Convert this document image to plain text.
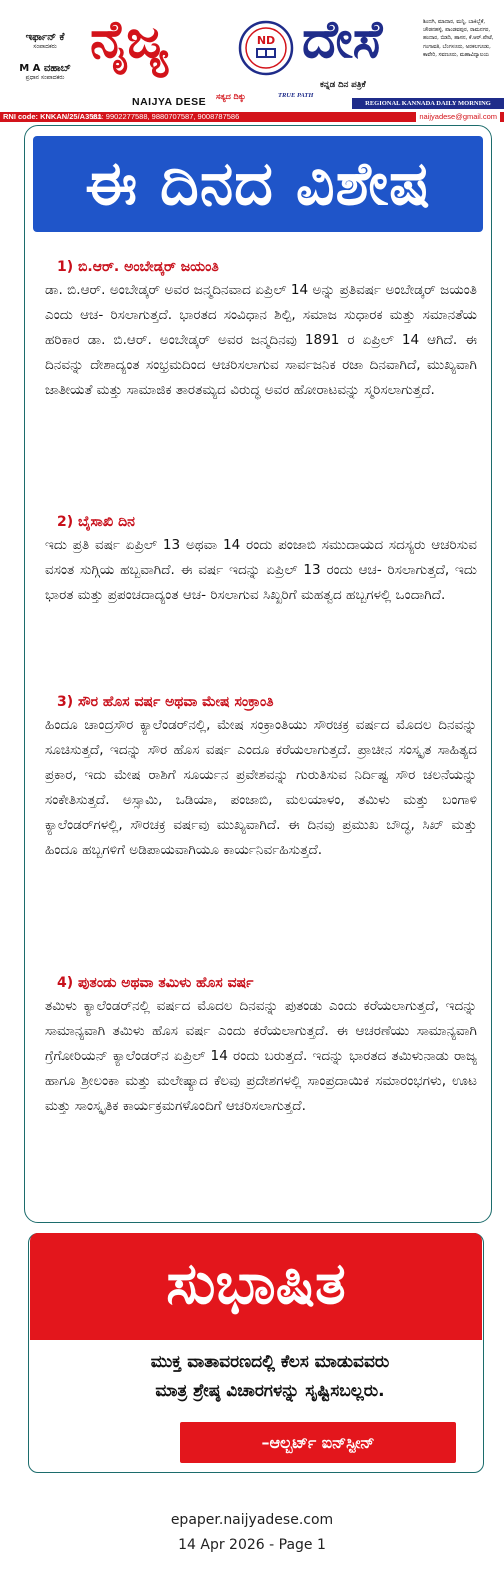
ಇರ್ಫಾನ್ ಕೆ
ಸಂಪಾದಕರು
M A ವಹಾಬ್
ಪ್ರಧಾನ ಸಂಪಾದಕರು
ನೈಜ್ಯ	ND ದೇಸೆ
NAIJYA DESE ಸತ್ಯದ ದಿಕ್ಕು	TRUE PATH
ಕನ್ನಡ ದಿನ ಪತ್ರಿಕೆ
ಶಿಂದಗಿ, ಮಾದಾರ, ಮನ್ನಿ, ಬಾಕಿಬ್ಬೆಕೆ, ಚೌಡನಹಳ್ಳಿ, ಪಾಂಡವಪುರ, ರಾಮನಗರ, ಹಂದಾರ, ಬಿಡದಿ, ಹಾಸನ, ಕೆ.ಆರ್.ಪೇಟೆ, ಗಂಗಾವತಿ, ಬೆಂಗಳೂರು, ಅರಕಲಗೂಡು, ಕಾವೇರಿ, ಸವಣೂರು, ಮಹಾವಿದ್ಯಾಲಯ
REGIONAL KANNADA DAILY MORNING
RNI code: KNKAN/25/A3581
ದೂ: 9902277588, 9880707587, 9008787586	naijyadese@gmail.com
ಈ ದಿನದ ವಿಶೇಷ
1) ಬಿ.ಆರ್. ಅಂಬೇಡ್ಕರ್ ಜಯಂತಿ

ಡಾ. ಬಿ.ಆರ್. ಅಂಬೇಡ್ಕರ್ ಅವರ ಜನ್ಮದಿನವಾದ ಏಪ್ರಿಲ್ 14 ಅನ್ನು ಪ್ರತಿವರ್ಷ ಅಂಬೇಡ್ಕರ್ ಜಯಂತಿ ಎಂದು ಆಚ- ರಿಸಲಾಗುತ್ತದೆ. ಭಾರತದ ಸಂವಿಧಾನ ಶಿಲ್ಪಿ, ಸಮಾಜ ಸುಧಾರಕ ಮತ್ತು ಸಮಾನತೆಯ ಹರಿಕಾರ ಡಾ. ಬಿ.ಆರ್. ಅಂಬೇಡ್ಕರ್ ಅವರ ಜನ್ಮದಿನವು 1891 ರ ಏಪ್ರಿಲ್ 14 ಆಗಿದೆ. ಈ ದಿನವನ್ನು ದೇಶಾದ್ಯಂತ ಸಂಭ್ರಮದಿಂದ ಆಚರಿಸಲಾಗುವ ಸಾರ್ವಜನಿಕ ರಜಾ ದಿನವಾಗಿದೆ, ಮುಖ್ಯವಾಗಿ ಜಾತೀಯತೆ ಮತ್ತು ಸಾಮಾಜಿಕ ತಾರತಮ್ಯದ ವಿರುದ್ಧ ಅವರ ಹೋರಾಟವನ್ನು ಸ್ಮರಿಸಲಾಗುತ್ತದೆ.

2) ಬೈಸಾಖಿ ದಿನ

ಇದು ಪ್ರತಿ ವರ್ಷ ಏಪ್ರಿಲ್ 13 ಅಥವಾ 14 ರಂದು ಪಂಜಾಬಿ ಸಮುದಾಯದ ಸದಸ್ಯರು ಆಚರಿಸುವ ವಸಂತ ಸುಗ್ಗಿಯ ಹಬ್ಬವಾಗಿದೆ. ಈ ವರ್ಷ ಇದನ್ನು ಏಪ್ರಿಲ್ 13 ರಂದು ಆಚ- ರಿಸಲಾಗುತ್ತದೆ, ಇದು ಭಾರತ ಮತ್ತು ಪ್ರಪಂಚದಾದ್ಯಂತ ಆಚ- ರಿಸಲಾಗುವ ಸಿಖ್ಖರಿಗೆ ಮಹತ್ವದ ಹಬ್ಬಗಳಲ್ಲಿ ಒಂದಾಗಿದೆ.

3) ಸೌರ ಹೊಸ ವರ್ಷ ಅಥವಾ ಮೇಷ ಸಂಕ್ರಾಂತಿ

ಹಿಂದೂ ಚಾಂದ್ರಸೌರ ಕ್ಯಾಲೆಂಡರ್‌ನಲ್ಲಿ, ಮೇಷ ಸಂಕ್ರಾಂತಿಯು ಸೌರಚಕ್ರ ವರ್ಷದ ಮೊದಲ ದಿನವನ್ನು ಸೂಚಿಸುತ್ತದೆ, ಇದನ್ನು ಸೌರ ಹೊಸ ವರ್ಷ ಎಂದೂ ಕರೆಯಲಾಗುತ್ತದೆ. ಪ್ರಾಚೀನ ಸಂಸ್ಕೃತ ಸಾಹಿತ್ಯದ ಪ್ರಕಾರ, ಇದು ಮೇಷ ರಾಶಿಗೆ ಸೂರ್ಯನ ಪ್ರವೇಶವನ್ನು ಗುರುತಿಸುವ ನಿರ್ದಿಷ್ಟ ಸೌರ ಚಲನೆಯನ್ನು ಸಂಕೇತಿಸುತ್ತದೆ. ಅಸ್ಸಾಮಿ, ಒಡಿಯಾ, ಪಂಜಾಬಿ, ಮಲಯಾಳಂ, ತಮಿಳು ಮತ್ತು ಬಂಗಾಳಿ ಕ್ಯಾಲೆಂಡರ್‌ಗಳಲ್ಲಿ, ಸೌರಚಕ್ರ ವರ್ಷವು ಮುಖ್ಯವಾಗಿದೆ. ಈ ದಿನವು ಪ್ರಮುಖ ಬೌದ್ಧ, ಸಿಖ್ ಮತ್ತು ಹಿಂದೂ ಹಬ್ಬಗಳಿಗೆ ಅಡಿಪಾಯವಾಗಿಯೂ ಕಾರ್ಯನಿರ್ವಹಿಸುತ್ತದೆ.

4) ಪುತಂಡು ಅಥವಾ ತಮಿಳು ಹೊಸ ವರ್ಷ

ತಮಿಳು ಕ್ಯಾಲೆಂಡರ್‌ನಲ್ಲಿ ವರ್ಷದ ಮೊದಲ ದಿನವನ್ನು ಪುತಂಡು ಎಂದು ಕರೆಯಲಾಗುತ್ತದೆ, ಇದನ್ನು ಸಾಮಾನ್ಯವಾಗಿ ತಮಿಳು ಹೊಸ ವರ್ಷ ಎಂದು ಕರೆಯಲಾಗುತ್ತದೆ. ಈ ಆಚರಣೆಯು ಸಾಮಾನ್ಯವಾಗಿ ಗ್ರೆಗೋರಿಯನ್ ಕ್ಯಾಲೆಂಡರ್‌ನ ಏಪ್ರಿಲ್ 14 ರಂದು ಬರುತ್ತದೆ. ಇದನ್ನು ಭಾರತದ ತಮಿಳುನಾಡು ರಾಜ್ಯ ಹಾಗೂ ಶ್ರೀಲಂಕಾ ಮತ್ತು ಮಲೇಷ್ಯಾದ ಕೆಲವು ಪ್ರದೇಶಗಳಲ್ಲಿ ಸಾಂಪ್ರದಾಯಿಕ ಸಮಾರಂಭಗಳು, ಊಟ ಮತ್ತು ಸಾಂಸ್ಕೃತಿಕ ಕಾರ್ಯಕ್ರಮಗಳೊಂದಿಗೆ ಆಚರಿಸಲಾಗುತ್ತದೆ.

ಸುಭಾಷಿತ
ಮುಕ್ತ ವಾತಾವರಣದಲ್ಲಿ ಕೆಲಸ ಮಾಡುವವರು
ಮಾತ್ರ ಶ್ರೇಷ್ಠ ವಿಚಾರಗಳನ್ನು ಸೃಷ್ಟಿಸಬಲ್ಲರು.
–ಆಲ್ಬರ್ಟ್ ಐನ್‌ಸ್ಟೀನ್
epaper.naijyadese.com
14 Apr 2026 - Page 1
